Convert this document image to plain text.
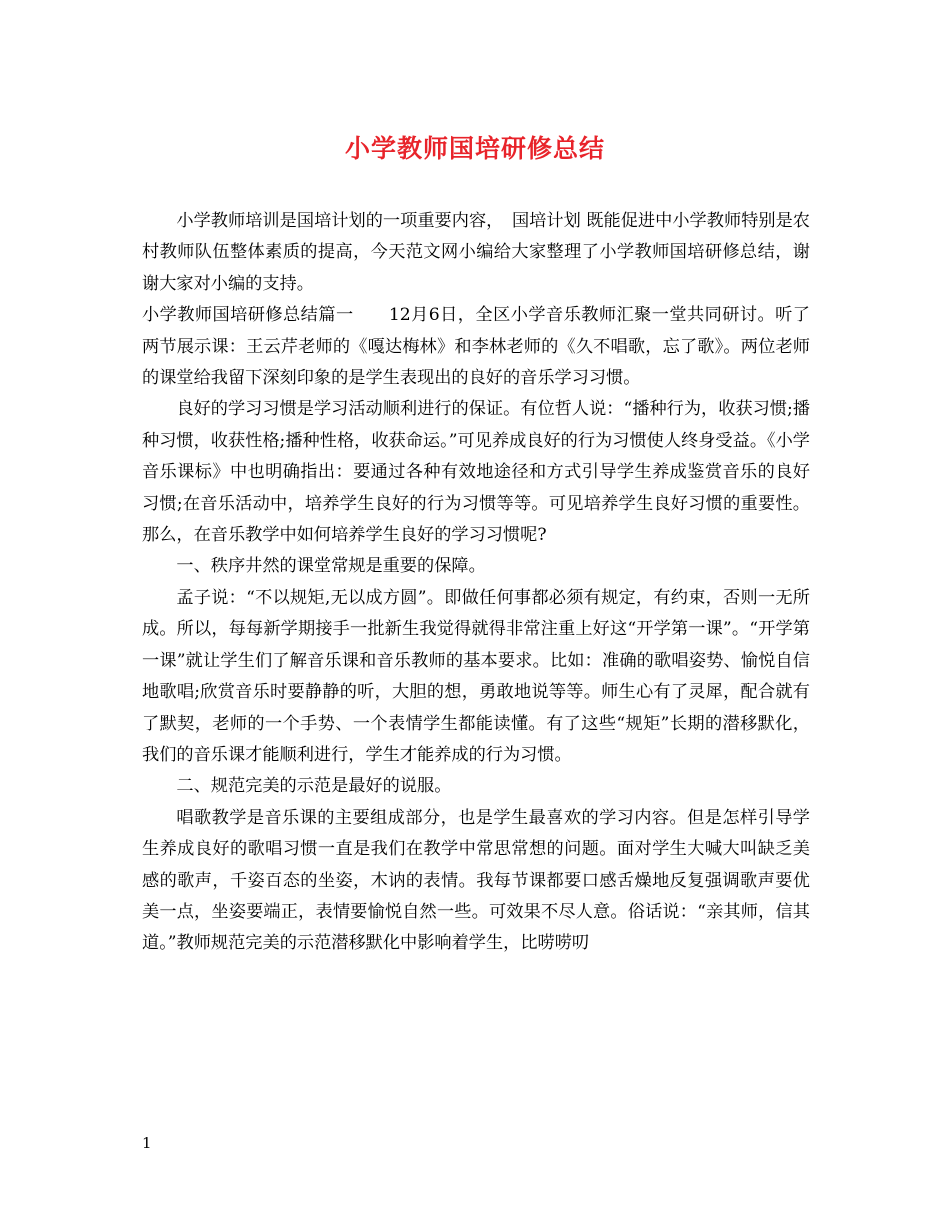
小学教师国培研修总结

小学教师培训是国培计划的一项重要内容，　国培计划 既能促进中小学教师特别是农村教师队伍整体素质的提高，今天范文网小编给大家整理了小学教师国培研修总结，谢谢大家对小编的支持。

小学教师国培研修总结篇一　　12月6日，全区小学音乐教师汇聚一堂共同研讨。听了两节展示课：王云芹老师的《嘎达梅林》和李林老师的《久不唱歌，忘了歌》。两位老师的课堂给我留下深刻印象的是学生表现出的良好的音乐学习习惯。

良好的学习习惯是学习活动顺利进行的保证。有位哲人说：“播种行为，收获习惯;播种习惯，收获性格;播种性格，收获命运。”可见养成良好的行为习惯使人终身受益。《小学音乐课标》中也明确指出：要通过各种有效地途径和方式引导学生养成鉴赏音乐的良好习惯;在音乐活动中，培养学生良好的行为习惯等等。可见培养学生良好习惯的重要性。那么，在音乐教学中如何培养学生良好的学习习惯呢?

一、秩序井然的课堂常规是重要的保障。

孟子说：“不以规矩,无以成方圆”。即做任何事都必须有规定，有约束，否则一无所成。所以，每每新学期接手一批新生我觉得就得非常注重上好这“开学第一课”。“开学第一课”就让学生们了解音乐课和音乐教师的基本要求。比如：准确的歌唱姿势、愉悦自信地歌唱;欣赏音乐时要静静的听，大胆的想，勇敢地说等等。师生心有了灵犀，配合就有了默契，老师的一个手势、一个表情学生都能读懂。有了这些“规矩”长期的潜移默化，我们的音乐课才能顺利进行，学生才能养成的行为习惯。

二、规范完美的示范是最好的说服。

唱歌教学是音乐课的主要组成部分，也是学生最喜欢的学习内容。但是怎样引导学生养成良好的歌唱习惯一直是我们在教学中常思常想的问题。面对学生大喊大叫缺乏美感的歌声，千姿百态的坐姿，木讷的表情。我每节课都要口感舌燥地反复强调歌声要优美一点，坐姿要端正，表情要愉悦自然一些。可效果不尽人意。俗话说：“亲其师，信其道。”教师规范完美的示范潜移默化中影响着学生，比唠唠叨

1
